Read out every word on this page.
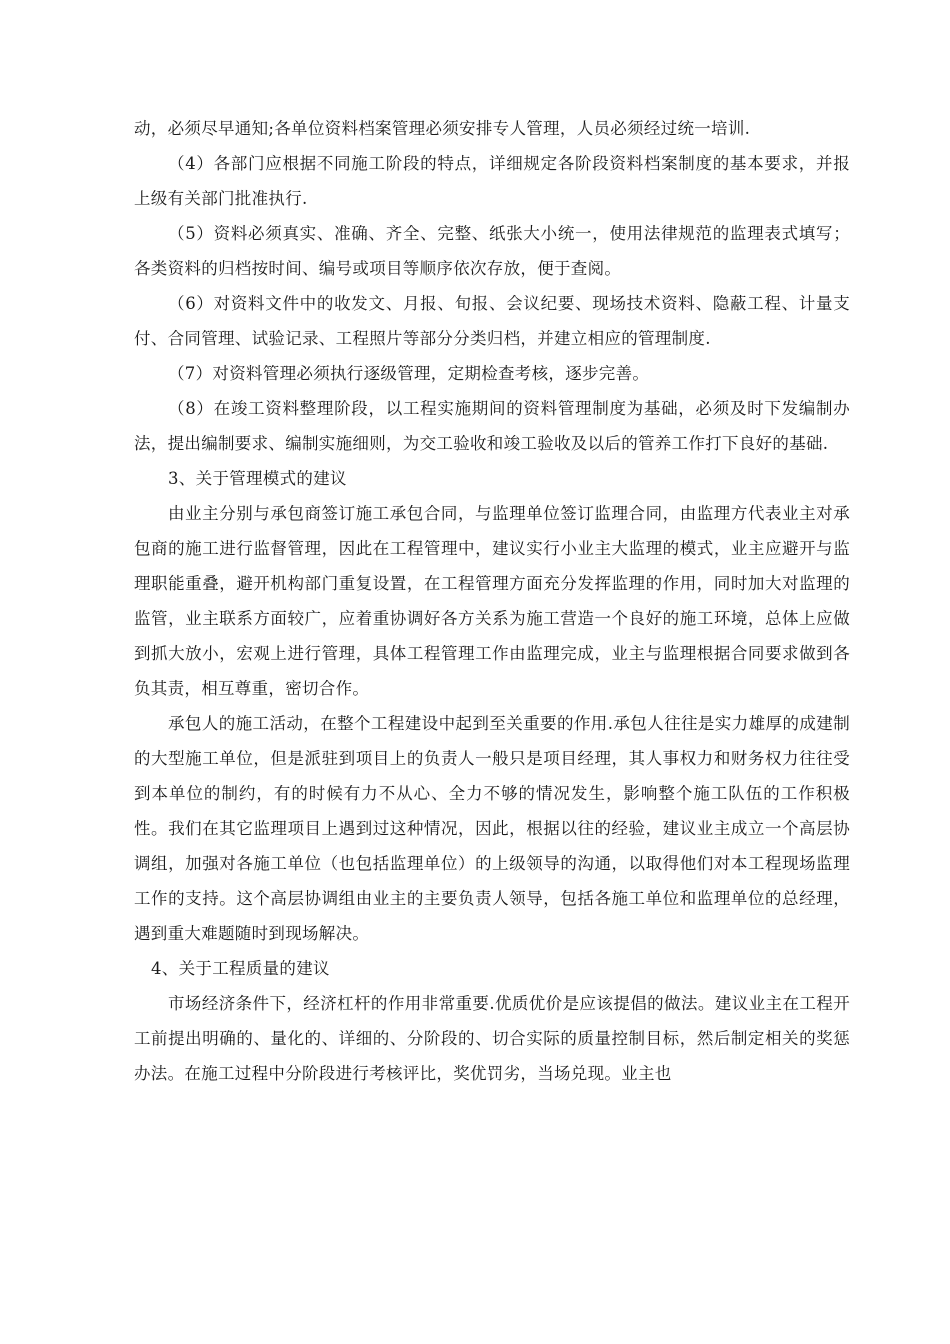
动，必须尽早通知;各单位资料档案管理必须安排专人管理，人员必须经过统一培训.

（4）各部门应根据不同施工阶段的特点，详细规定各阶段资料档案制度的基本要求，并报上级有关部门批准执行.

（5）资料必须真实、准确、齐全、完整、纸张大小统一，使用法律规范的监理表式填写；各类资料的归档按时间、编号或项目等顺序依次存放，便于查阅。

（6）对资料文件中的收发文、月报、旬报、会议纪要、现场技术资料、隐蔽工程、计量支付、合同管理、试验记录、工程照片等部分分类归档，并建立相应的管理制度.

（7）对资料管理必须执行逐级管理，定期检查考核，逐步完善。

（8）在竣工资料整理阶段，以工程实施期间的资料管理制度为基础，必须及时下发编制办法，提出编制要求、编制实施细则，为交工验收和竣工验收及以后的管养工作打下良好的基础.

3、关于管理模式的建议

由业主分别与承包商签订施工承包合同，与监理单位签订监理合同，由监理方代表业主对承包商的施工进行监督管理，因此在工程管理中，建议实行小业主大监理的模式，业主应避开与监理职能重叠，避开机构部门重复设置，在工程管理方面充分发挥监理的作用，同时加大对监理的监管，业主联系方面较广，应着重协调好各方关系为施工营造一个良好的施工环境，总体上应做到抓大放小，宏观上进行管理，具体工程管理工作由监理完成，业主与监理根据合同要求做到各负其责，相互尊重，密切合作。

承包人的施工活动，在整个工程建设中起到至关重要的作用.承包人往往是实力雄厚的成建制的大型施工单位，但是派驻到项目上的负责人一般只是项目经理，其人事权力和财务权力往往受到本单位的制约，有的时候有力不从心、全力不够的情况发生，影响整个施工队伍的工作积极性。我们在其它监理项目上遇到过这种情况，因此，根据以往的经验，建议业主成立一个高层协调组，加强对各施工单位（也包括监理单位）的上级领导的沟通，以取得他们对本工程现场监理工作的支持。这个高层协调组由业主的主要负责人领导，包括各施工单位和监理单位的总经理，遇到重大难题随时到现场解决。

4、关于工程质量的建议

市场经济条件下，经济杠杆的作用非常重要.优质优价是应该提倡的做法。建议业主在工程开工前提出明确的、量化的、详细的、分阶段的、切合实际的质量控制目标，然后制定相关的奖惩办法。在施工过程中分阶段进行考核评比，奖优罚劣，当场兑现。业主也
